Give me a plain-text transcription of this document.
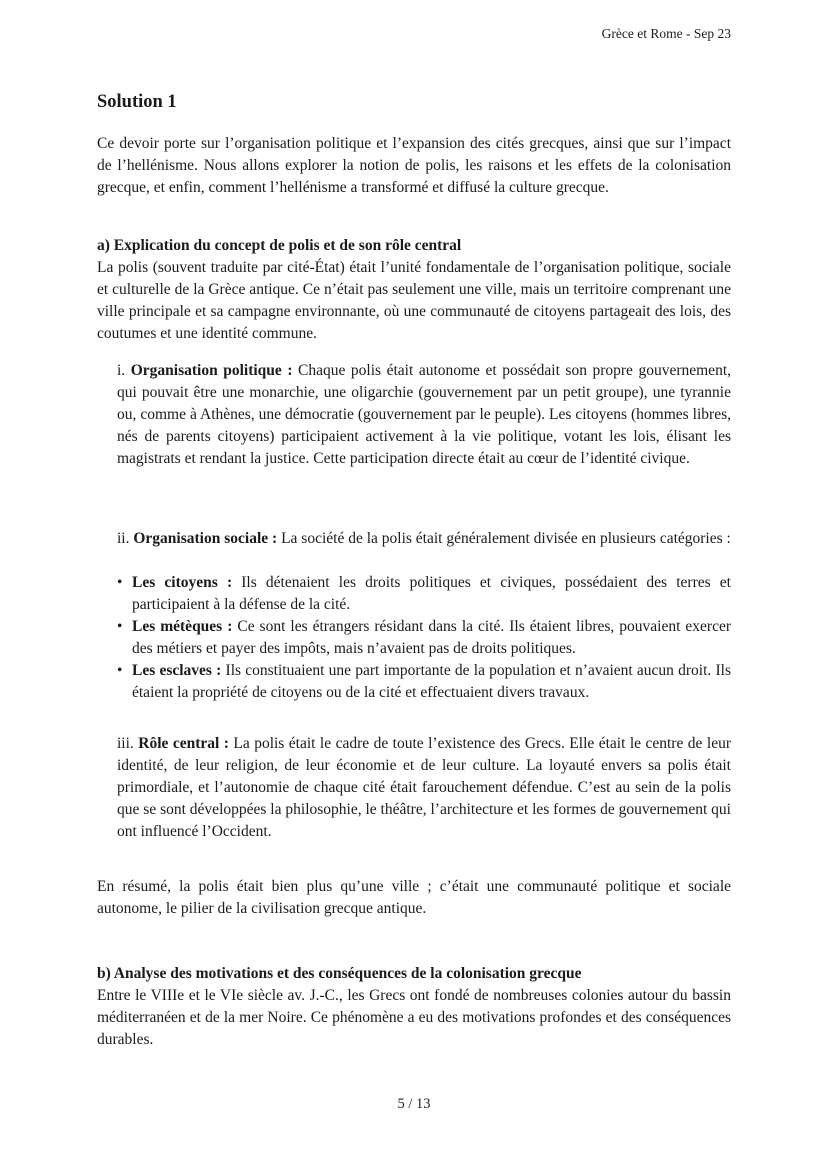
Grèce et Rome - Sep 23
Solution 1

Ce devoir porte sur l’organisation politique et l’expansion des cités grecques, ainsi que sur l’impact de l’hellénisme. Nous allons explorer la notion de polis, les raisons et les effets de la colonisation grecque, et enfin, comment l’hellénisme a transformé et diffusé la culture grecque.

a) Explication du concept de polis et de son rôle central

La polis (souvent traduite par cité-État) était l’unité fondamentale de l’organisation politique, sociale et culturelle de la Grèce antique. Ce n’était pas seulement une ville, mais un territoire comprenant une ville principale et sa campagne environnante, où une communauté de citoyens partageait des lois, des coutumes et une identité commune.

i. Organisation politique : Chaque polis était autonome et possédait son propre gouvernement, qui pouvait être une monarchie, une oligarchie (gouvernement par un petit groupe), une tyrannie ou, comme à Athènes, une démocratie (gouvernement par le peuple). Les citoyens (hommes libres, nés de parents citoyens) participaient activement à la vie politique, votant les lois, élisant les magistrats et rendant la justice. Cette participation directe était au cœur de l’identité civique.

ii. Organisation sociale : La société de la polis était généralement divisée en plusieurs catégories :

• Les citoyens : Ils détenaient les droits politiques et civiques, possédaient des terres et participaient à la défense de la cité.
• Les métèques : Ce sont les étrangers résidant dans la cité. Ils étaient libres, pouvaient exercer des métiers et payer des impôts, mais n’avaient pas de droits politiques.
• Les esclaves : Ils constituaient une part importante de la population et n’avaient aucun droit. Ils étaient la propriété de citoyens ou de la cité et effectuaient divers travaux.

iii. Rôle central : La polis était le cadre de toute l’existence des Grecs. Elle était le centre de leur identité, de leur religion, de leur économie et de leur culture. La loyauté envers sa polis était primordiale, et l’autonomie de chaque cité était farouchement défendue. C’est au sein de la polis que se sont développées la philosophie, le théâtre, l’architecture et les formes de gouvernement qui ont influencé l’Occident.

En résumé, la polis était bien plus qu’une ville ; c’était une communauté politique et sociale autonome, le pilier de la civilisation grecque antique.

b) Analyse des motivations et des conséquences de la colonisation grecque

Entre le VIIIe et le VIe siècle av. J.-C., les Grecs ont fondé de nombreuses colonies autour du bassin méditerranéen et de la mer Noire. Ce phénomène a eu des motivations profondes et des conséquences durables.

5 / 13
